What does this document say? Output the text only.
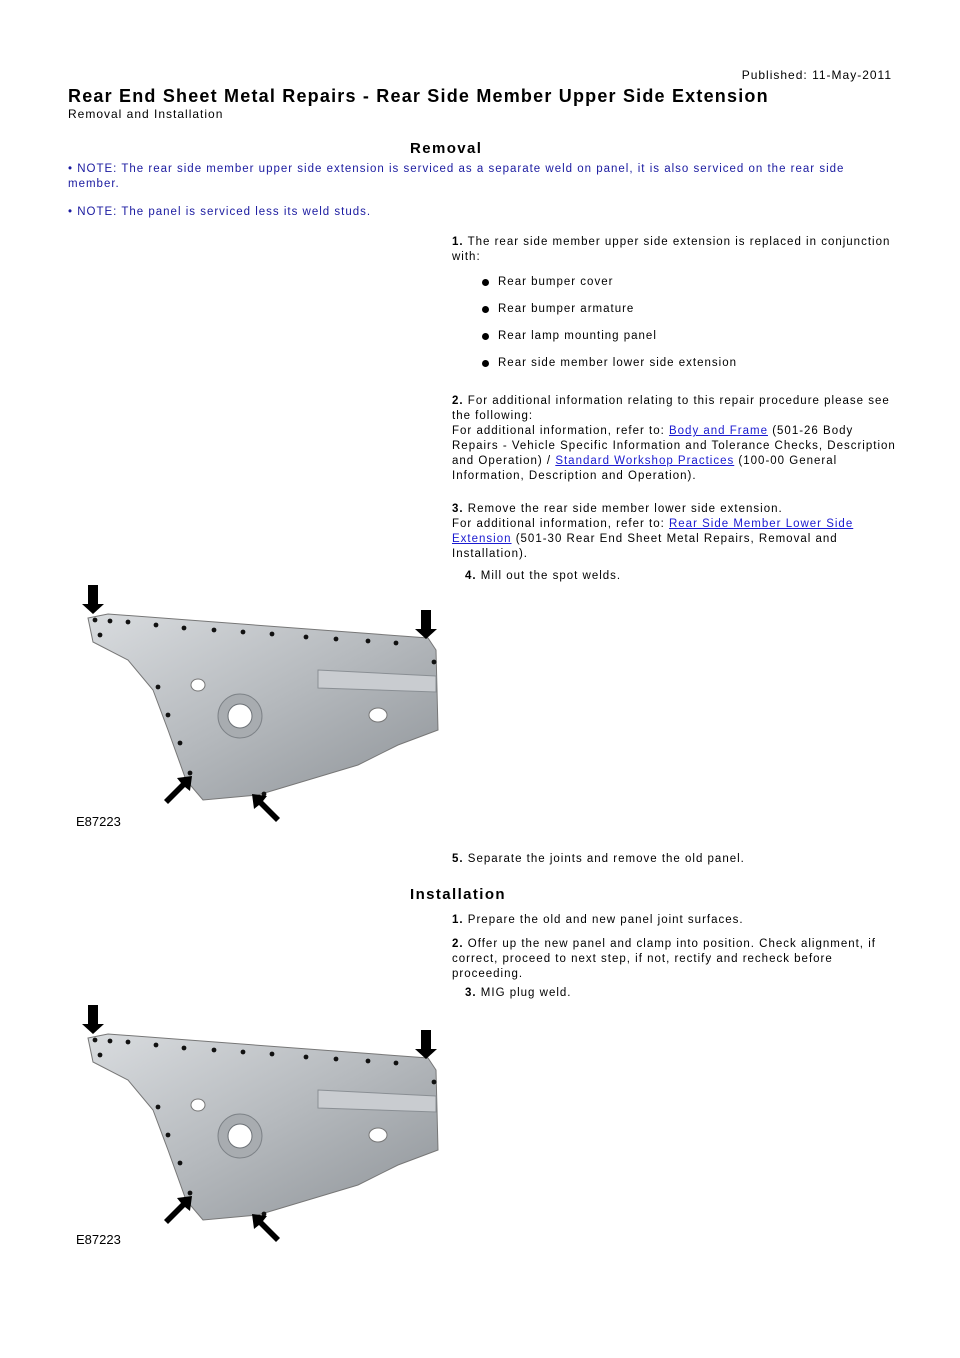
Published: 11-May-2011
Rear End Sheet Metal Repairs - Rear Side Member Upper Side Extension
Removal and Installation
Removal
• NOTE: The rear side member upper side extension is serviced as a separate weld on panel, it is also serviced on the rear side member.
• NOTE: The panel is serviced less its weld studs.
1. The rear side member upper side extension is replaced in conjunction with:
Rear bumper cover
Rear bumper armature
Rear lamp mounting panel
Rear side member lower side extension
2. For additional information relating to this repair procedure please see the following:
For additional information, refer to: Body and Frame (501-26 Body Repairs - Vehicle Specific Information and Tolerance Checks, Description and Operation) / Standard Workshop Practices (100-00 General Information, Description and Operation).
3. Remove the rear side member lower side extension.
For additional information, refer to: Rear Side Member Lower Side Extension (501-30 Rear End Sheet Metal Repairs, Removal and Installation).
4. Mill out the spot welds.
E87223
5. Separate the joints and remove the old panel.
Installation
1. Prepare the old and new panel joint surfaces.
2. Offer up the new panel and clamp into position. Check alignment, if correct, proceed to next step, if not, rectify and recheck before proceeding.
3. MIG plug weld.
E87223
